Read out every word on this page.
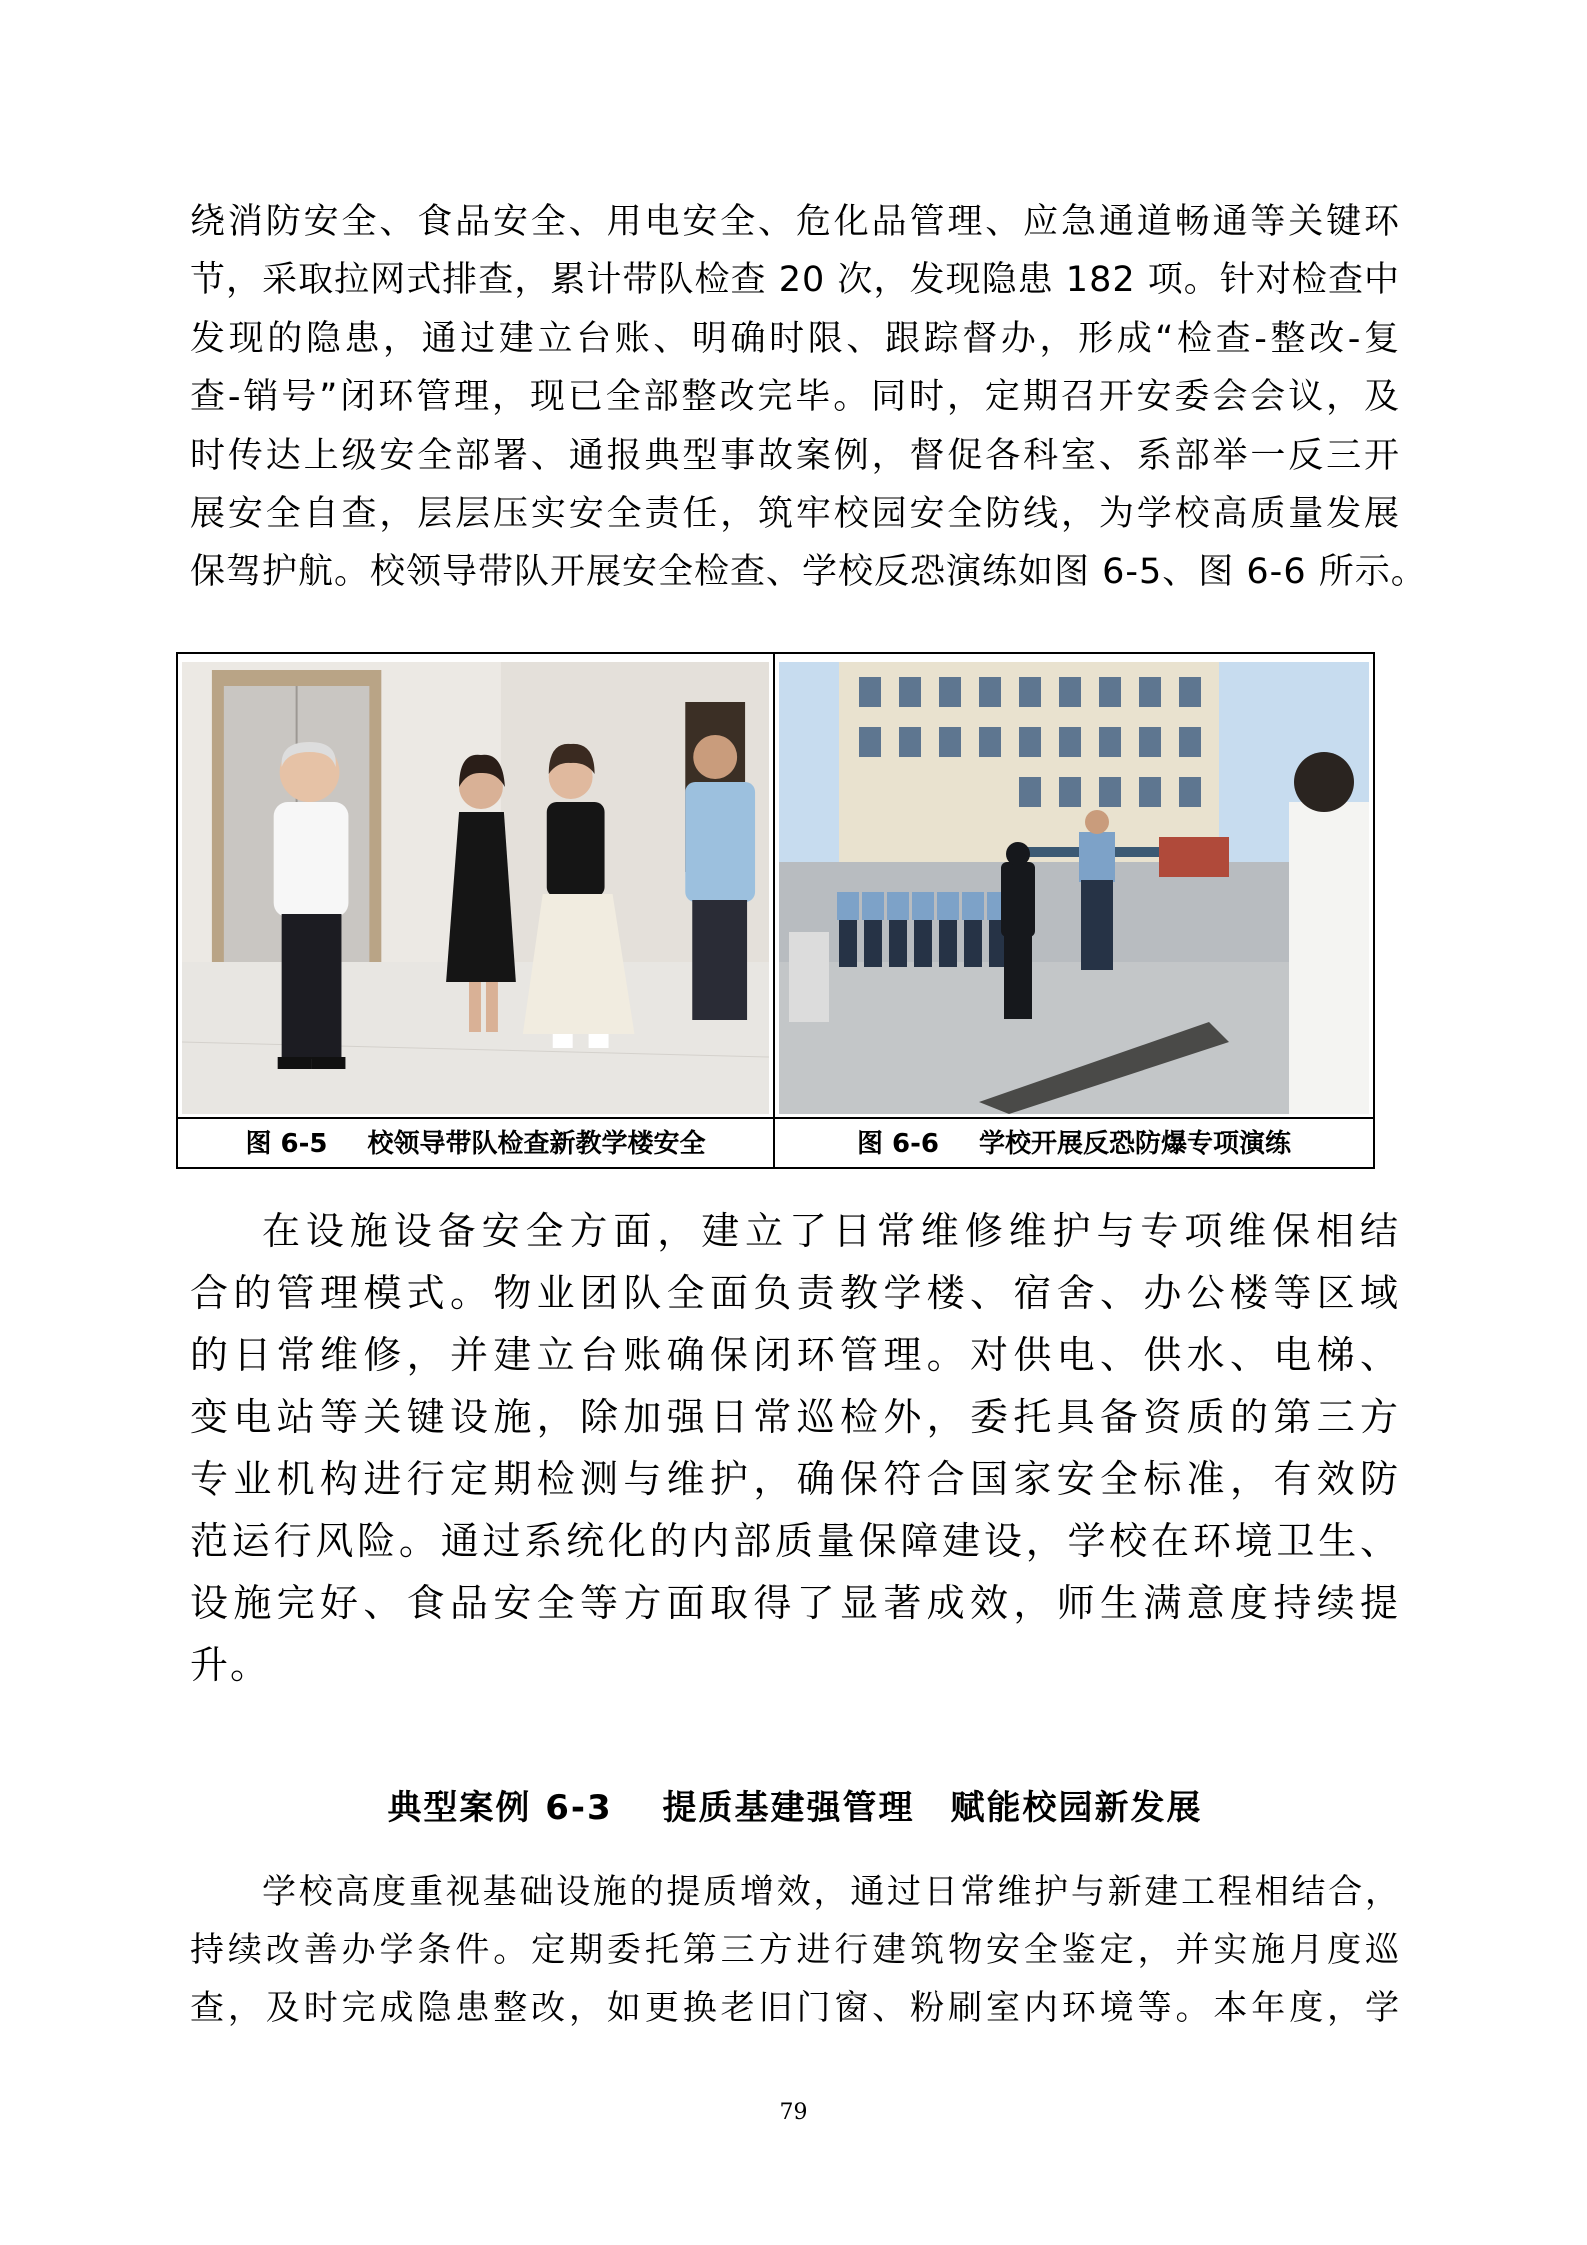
绕消防安全、食品安全、用电安全、危化品管理、应急通道畅通等关键环
节，采取拉网式排查，累计带队检查 20 次，发现隐患 182 项。针对检查中
发现的隐患，通过建立台账、明确时限、跟踪督办，形成“检查-整改-复
查-销号”闭环管理，现已全部整改完毕。同时，定期召开安委会会议，及
时传达上级安全部署、通报典型事故案例，督促各科室、系部举一反三开
展安全自查，层层压实安全责任，筑牢校园安全防线，为学校高质量发展
保驾护航。校领导带队开展安全检查、学校反恐演练如图 6-5、图 6-6 所示。
图 6-5 校领导带队检查新教学楼安全	图 6-6 学校开展反恐防爆专项演练
在设施设备安全方面，建立了日常维修维护与专项维保相结
合的管理模式。物业团队全面负责教学楼、宿舍、办公楼等区域
的日常维修，并建立台账确保闭环管理。对供电、供水、电梯、
变电站等关键设施，除加强日常巡检外，委托具备资质的第三方
专业机构进行定期检测与维护，确保符合国家安全标准，有效防
范运行风险。通过系统化的内部质量保障建设，学校在环境卫生、
设施完好、食品安全等方面取得了显著成效，师生满意度持续提
升。
典型案例 6-3　 提质基建强管理　赋能校园新发展
学校高度重视基础设施的提质增效，通过日常维护与新建工程相结合，
持续改善办学条件。定期委托第三方进行建筑物安全鉴定，并实施月度巡
查，及时完成隐患整改，如更换老旧门窗、粉刷室内环境等。本年度，学
79
